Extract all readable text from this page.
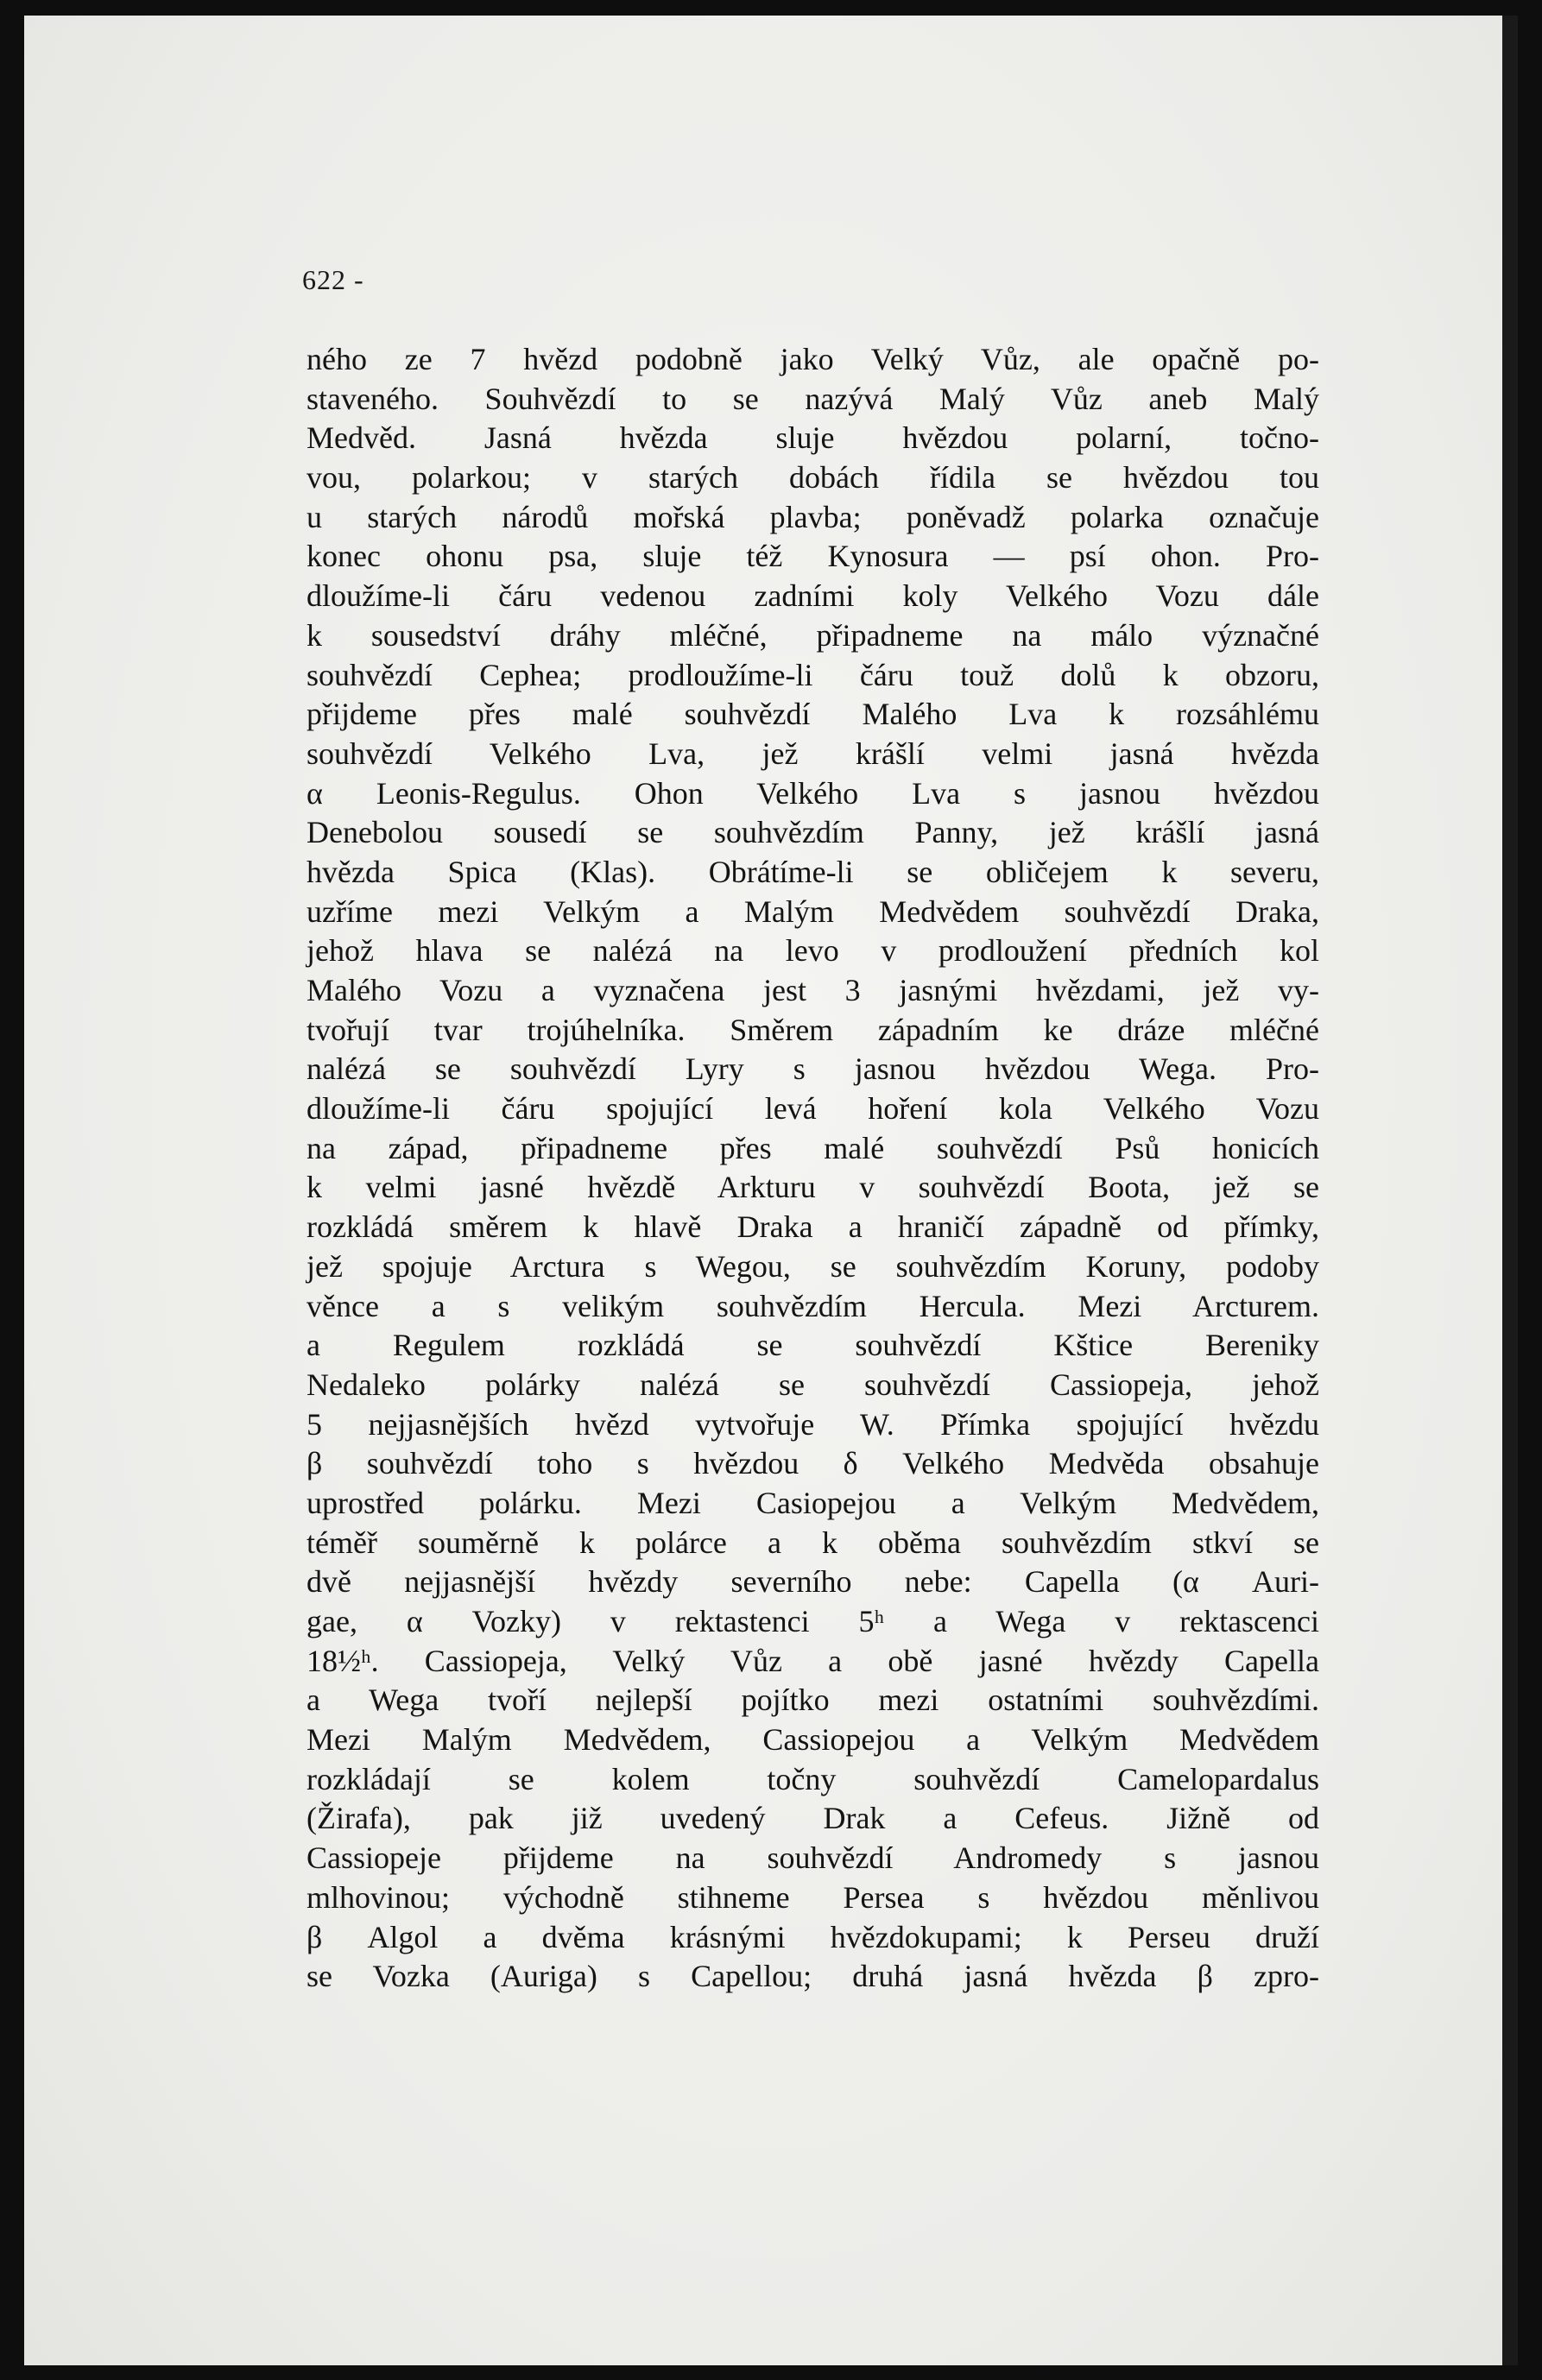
622 -
ného ze 7 hvězd podobně jako Velký Vůz, ale opačně po-
staveného. Souhvězdí to se nazývá Malý Vůz aneb Malý
Medvěd. Jasná hvězda sluje hvězdou polarní, točno-
vou, polarkou; v starých dobách řídila se hvězdou tou
u starých národů mořská plavba; poněvadž polarka označuje
konec ohonu psa, sluje též Kynosura — psí ohon. Pro-
dloužíme-li čáru vedenou zadními koly Velkého Vozu dále
k sousedství dráhy mléčné, připadneme na málo význačné
souhvězdí Cephea; prodloužíme-li čáru touž dolů k obzoru,
přijdeme přes malé souhvězdí Malého Lva k rozsáhlému
souhvězdí Velkého Lva, jež krášlí velmi jasná hvězda
α Leonis-Regulus. Ohon Velkého Lva s jasnou hvězdou
Denebolou sousedí se souhvězdím Panny, jež krášlí jasná
hvězda Spica (Klas). Obrátíme-li se obličejem k severu,
uzříme mezi Velkým a Malým Medvědem souhvězdí Draka,
jehož hlava se nalézá na levo v prodloužení předních kol
Malého Vozu a vyznačena jest 3 jasnými hvězdami, jež vy-
tvořují tvar trojúhelníka. Směrem západním ke dráze mléčné
nalézá se souhvězdí Lyry s jasnou hvězdou Wega. Pro-
dloužíme-li čáru spojující levá hoření kola Velkého Vozu
na západ, připadneme přes malé souhvězdí Psů honicích
k velmi jasné hvězdě Arkturu v souhvězdí Boota, jež se
rozkládá směrem k hlavě Draka a hraničí západně od přímky,
jež spojuje Arctura s Wegou, se souhvězdím Koruny, podoby
věnce a s velikým souhvězdím Hercula. Mezi Arcturem.
a Regulem rozkládá se souhvězdí Kštice Bereniky
Nedaleko polárky nalézá se souhvězdí Cassiopeja, jehož
5 nejjasnějších hvězd vytvořuje W. Přímka spojující hvězdu
β souhvězdí toho s hvězdou δ Velkého Medvěda obsahuje
uprostřed polárku. Mezi Casiopejou a Velkým Medvědem,
téměř souměrně k polárce a k oběma souhvězdím stkví se
dvě nejjasnější hvězdy severního nebe: Capella (α Auri-
gae, α Vozky) v rektastenci 5ʰ a Wega v rektascenci
18½ʰ. Cassiopeja, Velký Vůz a obě jasné hvězdy Capella
a Wega tvoří nejlepší pojítko mezi ostatními souhvězdími.
Mezi Malým Medvědem, Cassiopejou a Velkým Medvědem
rozkládají se kolem točny souhvězdí Camelopardalus
(Žirafa), pak již uvedený Drak a Cefeus. Jižně od
Cassiopeje přijdeme na souhvězdí Andromedy s jasnou
mlhovinou; východně stihneme Persea s hvězdou měnlivou
β Algol a dvěma krásnými hvězdokupami; k Perseu druží
se Vozka (Auriga) s Capellou; druhá jasná hvězda β zpro-
